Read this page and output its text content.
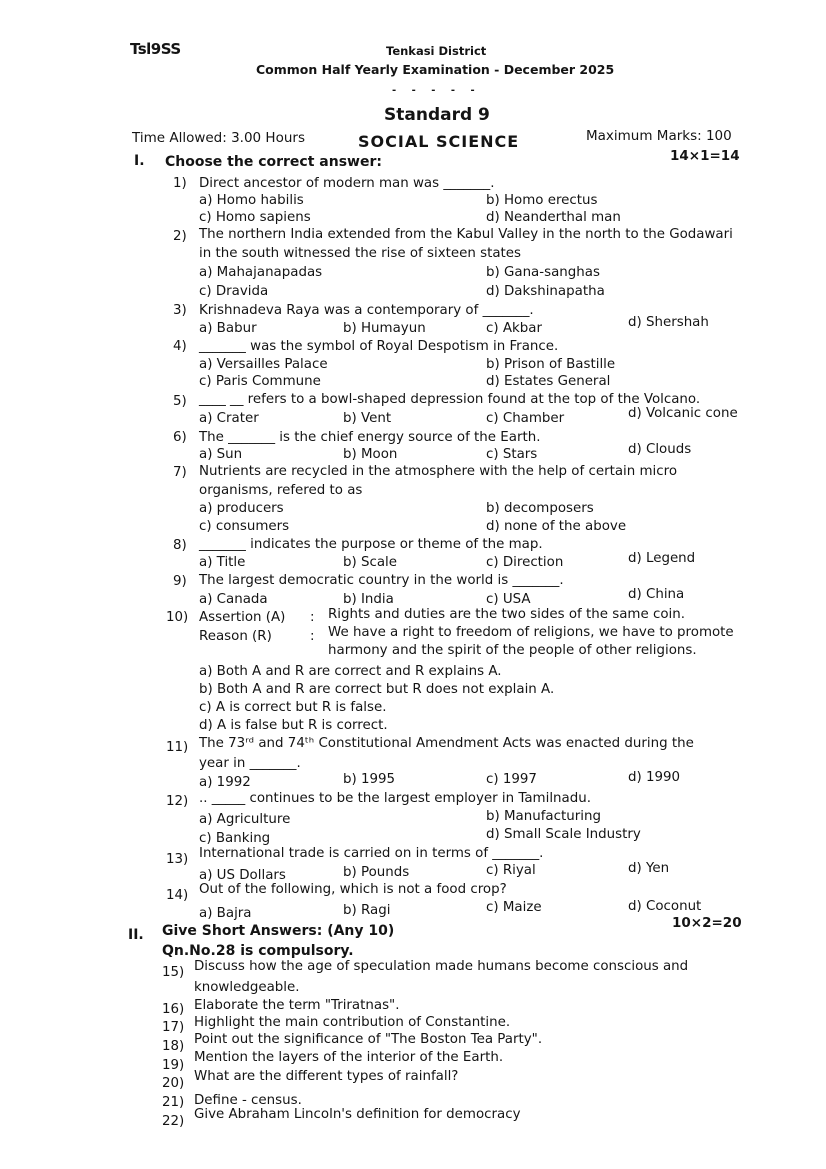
Tsl9SS	Tenkasi District
Common Half Yearly Examination - December 2025
- - - - -
Standard 9
Time Allowed: 3.00 Hours	SOCIAL SCIENCE	Maximum Marks: 100
I. Choose the correct answer:	14×1=14
1) Direct ancestor of modern man was _______.
a) Homo habilis	b) Homo erectus
c) Homo sapiens	d) Neanderthal man
2) The northern India extended from the Kabul Valley in the north to the Godawari
in the south witnessed the rise of sixteen states
a) Mahajanapadas	b) Gana-sanghas
c) Dravida	d) Dakshinapatha
3) Krishnadeva Raya was a contemporary of _______.
a) Babur	b) Humayun	c) Akbar	d) Shershah
4) _______ was the symbol of Royal Despotism in France.
a) Versailles Palace	b) Prison of Bastille
c) Paris Commune	d) Estates General
5) ____ __ refers to a bowl-shaped depression found at the top of the Volcano.
a) Crater	b) Vent	c) Chamber	d) Volcanic cone
6) The _______ is the chief energy source of the Earth.
a) Sun	b) Moon	c) Stars	d) Clouds
7) Nutrients are recycled in the atmosphere with the help of certain micro
organisms, refered to as
a) producers	b) decomposers
c) consumers	d) none of the above
8) _______ indicates the purpose or theme of the map.
a) Title	b) Scale	c) Direction	d) Legend
9) The largest democratic country in the world is _______.
a) Canada	b) India	c) USA	d) China
10) Assertion (A) : Rights and duties are the two sides of the same coin.
Reason (R)	: We have a right to freedom of religions, we have to promote
harmony and the spirit of the people of other religions.
a) Both A and R are correct and R explains A.
b) Both A and R are correct but R does not explain A.
c) A is correct but R is false.
d) A is false but R is correct.
11) The 73ʳᵈ and 74ᵗʰ Constitutional Amendment Acts was enacted during the
year in _______.
a) 1992	b) 1995	c) 1997	d) 1990
12) .. _____ continues to be the largest employer in Tamilnadu.
a) Agriculture	b) Manufacturing
c) Banking	d) Small Scale Industry
13) International trade is carried on in terms of _______.
a) US Dollars	b) Pounds	c) Riyal	d) Yen
14) Out of the following, which is not a food crop?
a) Bajra	b) Ragi	c) Maize	d) Coconut
II. Give Short Answers: (Any 10)	10×2=20
Qn.No.28 is compulsory.
15) Discuss how the age of speculation made humans become conscious and
knowledgeable.
16) Elaborate the term "Triratnas".
17) Highlight the main contribution of Constantine.
18) Point out the significance of "The Boston Tea Party".
19)
Mention the layers of the interior of the Earth.
20) What are the different types of rainfall?
21) Define - census.
22) Give Abraham Lincoln's definition for democracy
